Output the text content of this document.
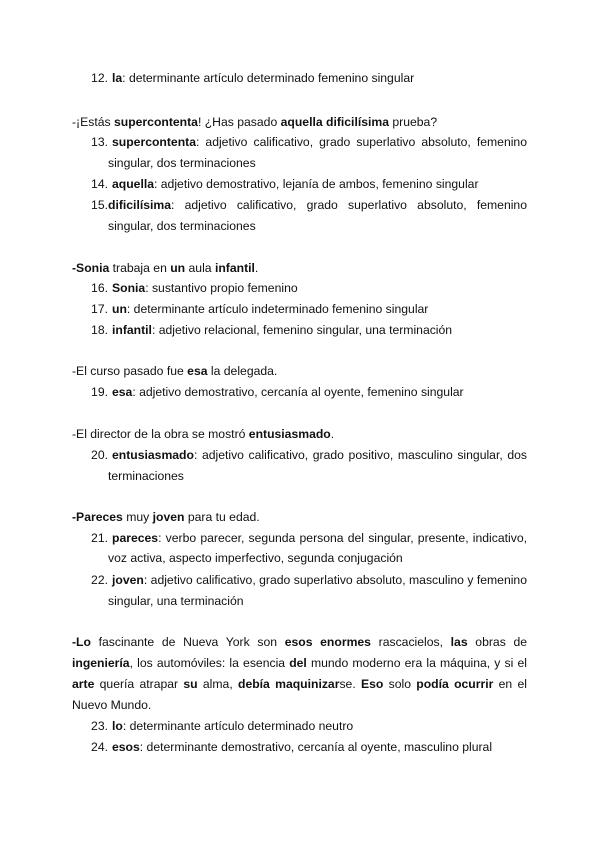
12. la: determinante artículo determinado femenino singular
-¡Estás supercontenta! ¿Has pasado aquella dificilísima prueba?
13. supercontenta: adjetivo calificativo, grado superlativo absoluto, femenino
singular, dos terminaciones
14. aquella: adjetivo demostrativo, lejanía de ambos, femenino singular
15. dificilísima: adjetivo calificativo, grado superlativo absoluto, femenino
singular, dos terminaciones
-Sonia trabaja en un aula infantil.
16. Sonia: sustantivo propio femenino
17. un: determinante artículo indeterminado femenino singular
18. infantil: adjetivo relacional, femenino singular, una terminación
-El curso pasado fue esa la delegada.
19. esa: adjetivo demostrativo, cercanía al oyente, femenino singular
-El director de la obra se mostró entusiasmado.
20. entusiasmado: adjetivo calificativo, grado positivo, masculino singular, dos
terminaciones
-Pareces muy joven para tu edad.
21. pareces: verbo parecer, segunda persona del singular, presente, indicativo,
voz activa, aspecto imperfectivo, segunda conjugación
22. joven: adjetivo calificativo, grado superlativo absoluto, masculino y femenino
singular, una terminación
-Lo fascinante de Nueva York son esos enormes rascacielos, las obras de
ingeniería, los automóviles: la esencia del mundo moderno era la máquina, y si el
arte quería atrapar su alma, debía maquinizarse. Eso solo podía ocurrir en el
Nuevo Mundo.
23. lo: determinante artículo determinado neutro
24. esos: determinante demostrativo, cercanía al oyente, masculino plural
